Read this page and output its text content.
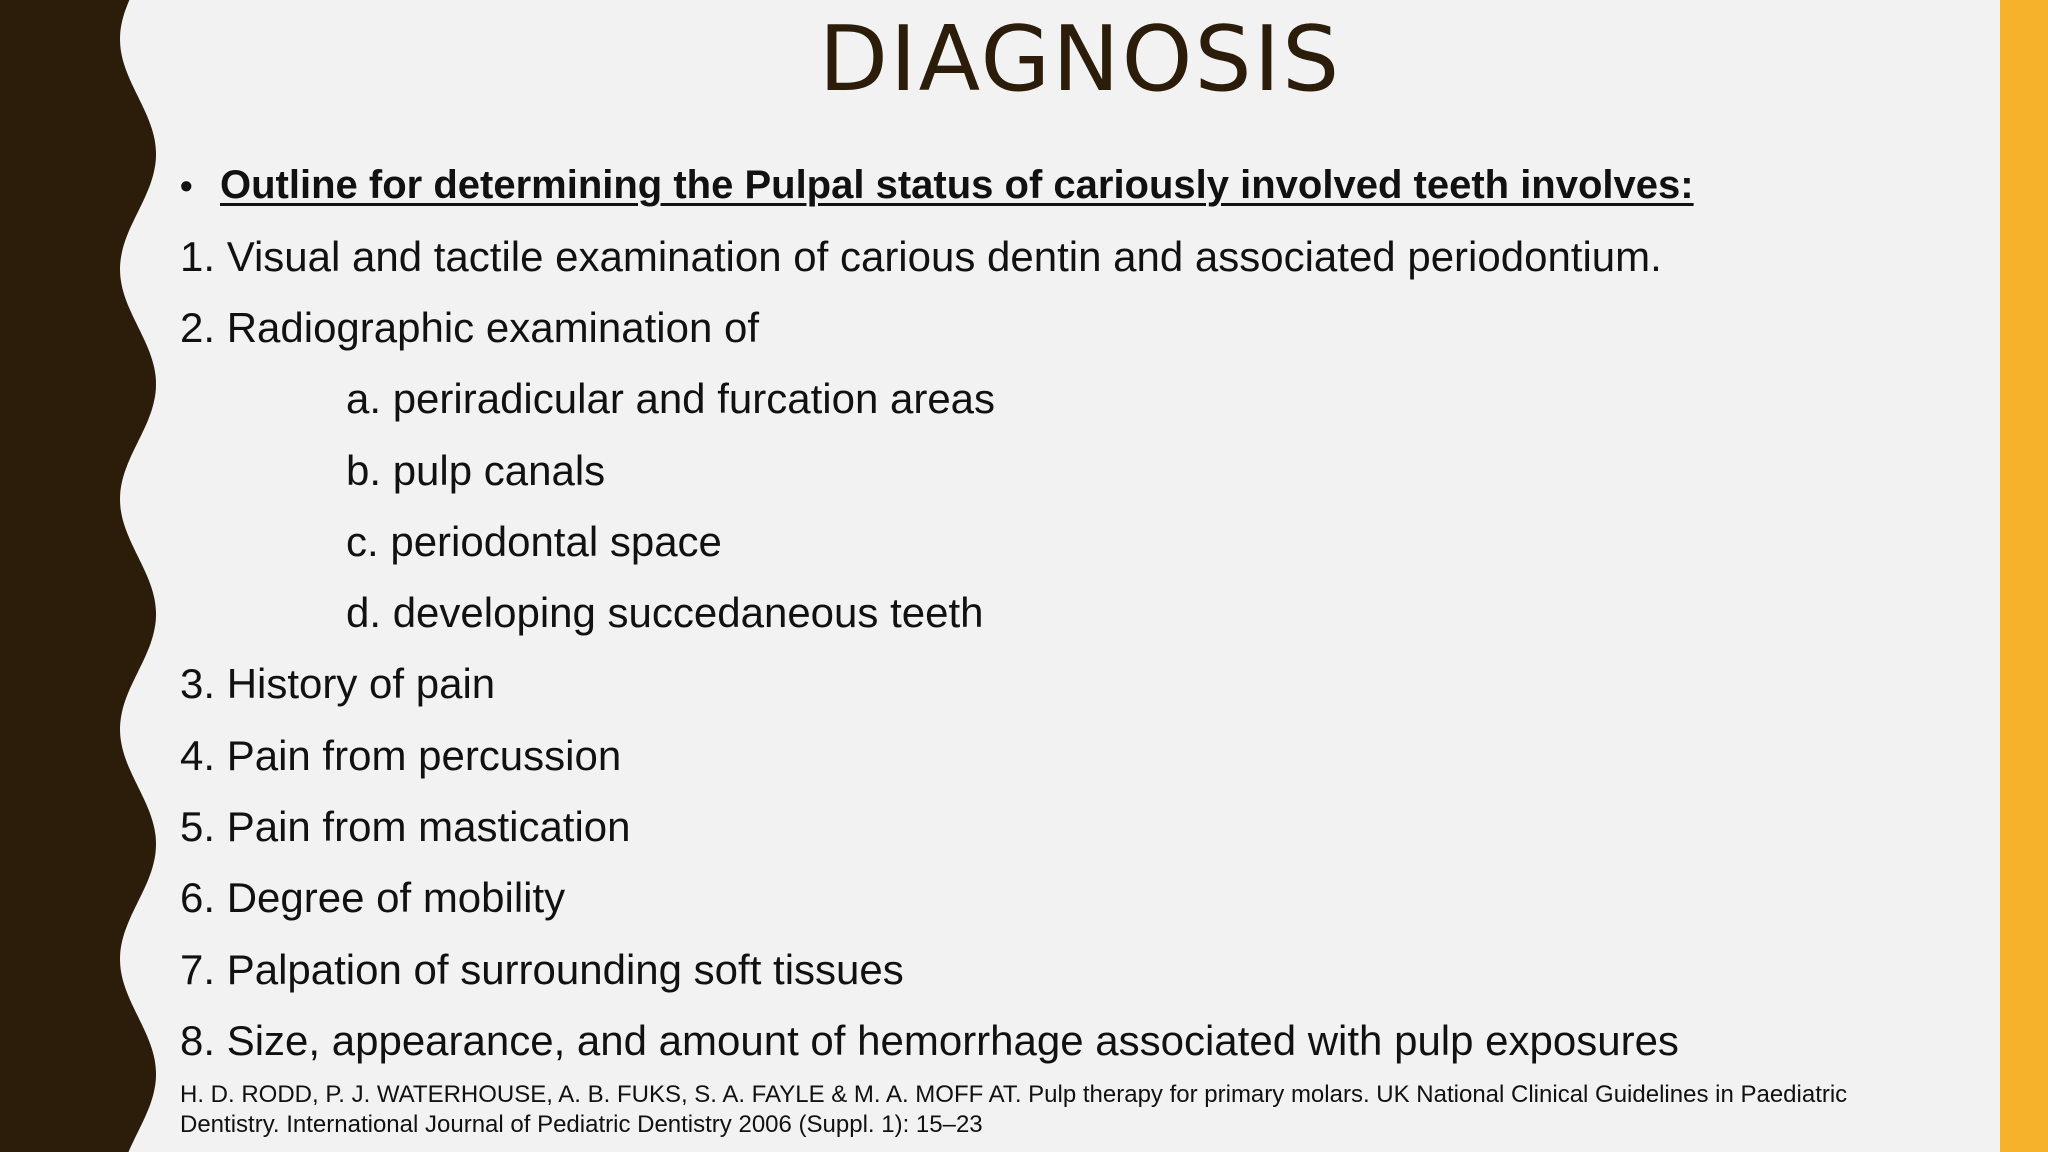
DIAGNOSIS
• Outline for determining the Pulpal status of cariously involved teeth involves:
1. Visual and tactile examination of carious dentin and associated periodontium.
2. Radiographic examination of
a. periradicular and furcation areas
b. pulp canals
c. periodontal space
d. developing succedaneous teeth
3. History of pain
4. Pain from percussion
5. Pain from mastication
6. Degree of mobility
7. Palpation of surrounding soft tissues
8. Size, appearance, and amount of hemorrhage associated with pulp exposures
H. D. RODD, P. J. WATERHOUSE, A. B. FUKS, S. A. FAYLE & M. A. MOFF AT. Pulp therapy for primary molars. UK National Clinical Guidelines in Paediatric Dentistry. International Journal of Pediatric Dentistry 2006 (Suppl. 1): 15–23
